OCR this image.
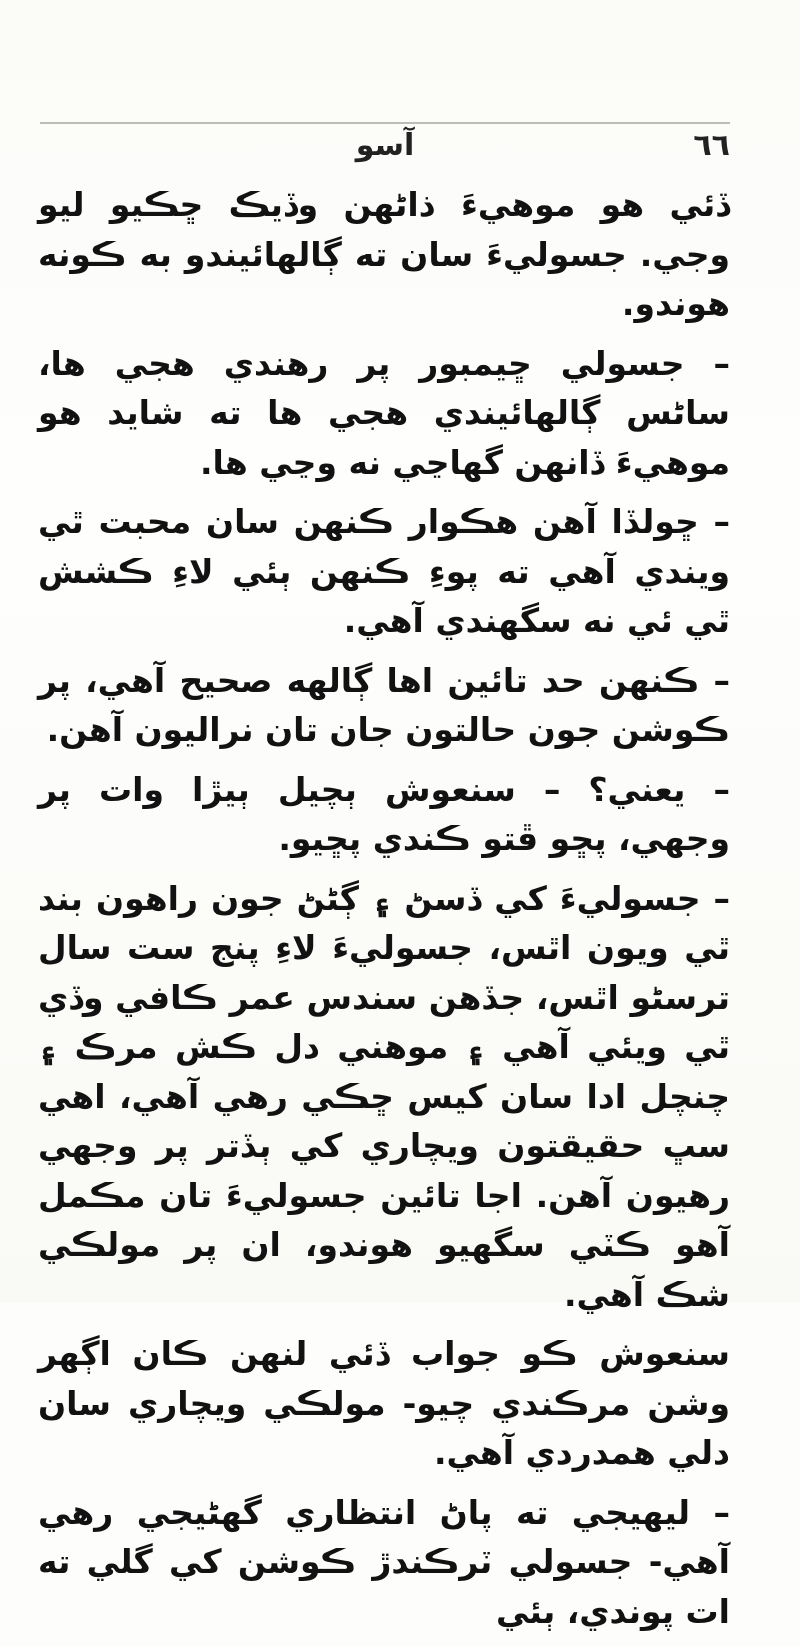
آسو	٦٦

ڏئي هو موهيءَ ذاڻهن وڏيڪ ڇڪيو ليو وجي. جسوليءَ سان ته ڳالهائيندو به ڪونه هوندو.

– جسولي ڇيمبور پر رهندي هجي ها، ساڻس ڳالهائيندي هجي ها ته شايد هو موهيءَ ڏانهن گهاڃي نه وڃي ها.

– ڇولڏا آهن هڪوار ڪنهن سان محبت ٿي ويندي آهي ته پوءِ ڪنهن ٻئي لاءِ ڪشش ٿي ئي نه سگهندي آهي.

– ڪنهن حد تائين اها ڳالهه صحيح آهي، پر ڪوشن جون حالتون جان تان نراليون آهن.

– يعني؟ – سنعوش ٻچيل ٻيڙا وات پر وجهي، پڇو ڦتو ڪندي پڇيو.

– جسوليءَ کي ڏسڻ ۽ ڳڻڻ جون راهون بند ٿي ويون اٿس، جسوليءَ لاءِ پنج ست سال ترسڻو اٿس، جڏهن سندس عمر ڪافي وڏي ٿي ويئي آهي ۽ موهني دل ڪش مرڪ ۽ چنچل ادا سان کيس ڇڪي رهي آهي، اهي سڀ حقيقتون ويچاري کي ٻڏتر پر وجهي رهيون آهن. اجا تائين جسوليءَ تان مڪمل آهو ڪٽي سگهيو هوندو، ان پر مولڪي شڪ آهي.

سنعوش ڪو جواب ڏئي لنهن ڪان اڳهر وشن مرڪندي چيو- مولڪي ويچاري سان دلي همدردي آهي.

– ليهيجي ته پاڻ انتظاري گهڻيجي رهي آهي- جسولي ٽرڪندڙ ڪوشن کي گلي ته ات پوندي، ٻئي
